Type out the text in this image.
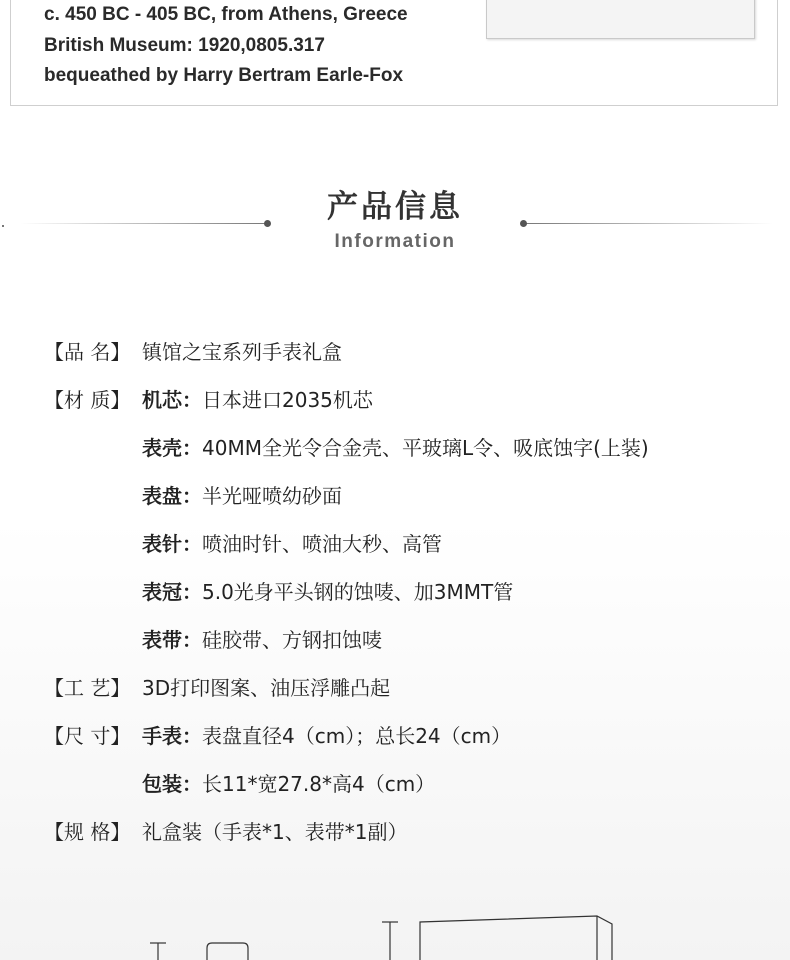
c. 450 BC - 405 BC, from Athens, Greece
British Museum: 1920,0805.317
bequeathed by Harry Bertram Earle-Fox
产品信息
Information
【品 名】 镇馆之宝系列手表礼盒
【材 质】 机芯：日本进口2035机芯
表壳：40MM全光令合金壳、平玻璃L令、吸底蚀字(上装)
表盘：半光哑喷幼砂面
表针：喷油时针、喷油大秒、高管
表冠：5.0光身平头钢的蚀唛、加3MMT管
表带：硅胶带、方钢扣蚀唛
【工 艺】 3D打印图案、油压浮雕凸起
【尺 寸】 手表：表盘直径4（cm）；总长24（cm）
包装：长11*宽27.8*高4（cm）
【规 格】 礼盒装（手表*1、表带*1副）
